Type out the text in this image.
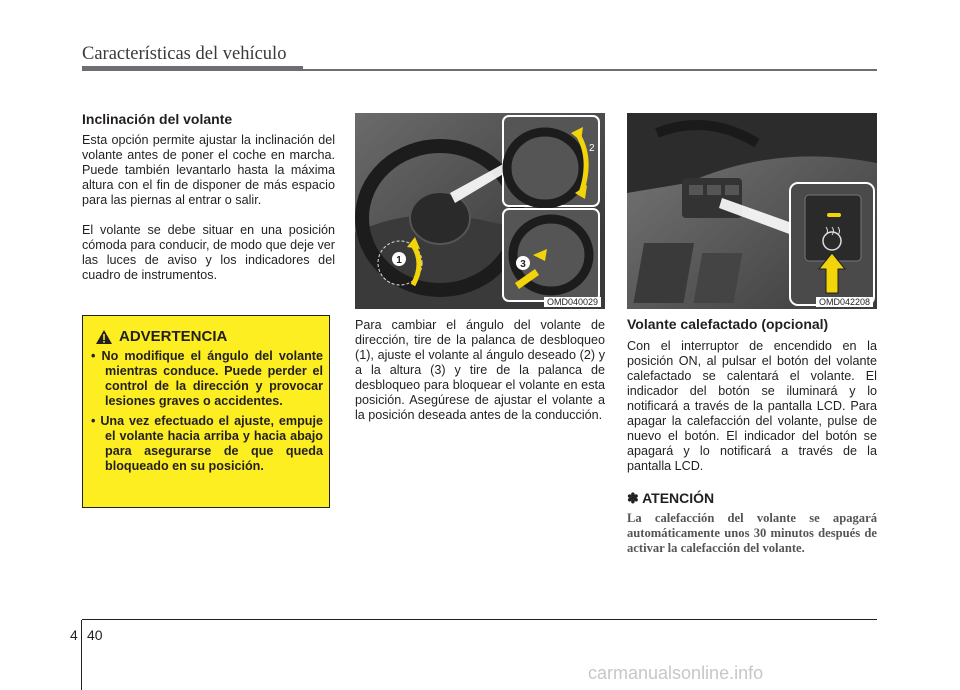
Características del vehículo
Inclinación del volante

Esta opción permite ajustar la inclinación del volante antes de poner el coche en marcha. Puede también levantarlo hasta la máxima altura con el fin de disponer de más espacio para las piernas al entrar o salir.

El volante se debe situar en una posición cómoda para conducir, de modo que deje ver las luces de aviso y los indicadores del cuadro de instrumentos.

ADVERTENCIA
• No modifique el ángulo del volante mientras conduce. Puede perder el control de la dirección y provocar lesiones graves o accidentes.
• Una vez efectuado el ajuste, empuje el volante hacia arriba y hacia abajo para asegurarse de que queda bloqueado en su posición.
1
2
3
OMD040029	OMD042208

Para cambiar el ángulo del volante de dirección, tire de la palanca de desbloqueo (1), ajuste el volante al ángulo deseado (2) y a la altura (3) y tire de la palanca de desbloqueo para bloquear el volante en esta posición. Asegúrese de ajustar el volante a la posición deseada antes de la conducción.

Volante calefactado (opcional)

Con el interruptor de encendido en la posición ON, al pulsar el botón del volante calefactado se calentará el volante. El indicador del botón se iluminará y lo notificará a través de la pantalla LCD. Para apagar la calefacción del volante, pulse de nuevo el botón. El indicador del botón se apagará y lo notificará a través de la pantalla LCD.

✽ ATENCIÓN
La calefacción del volante se apagará automáticamente unos 30 minutos después de activar la calefacción del volante.
4 40
carmanualsonline.info
